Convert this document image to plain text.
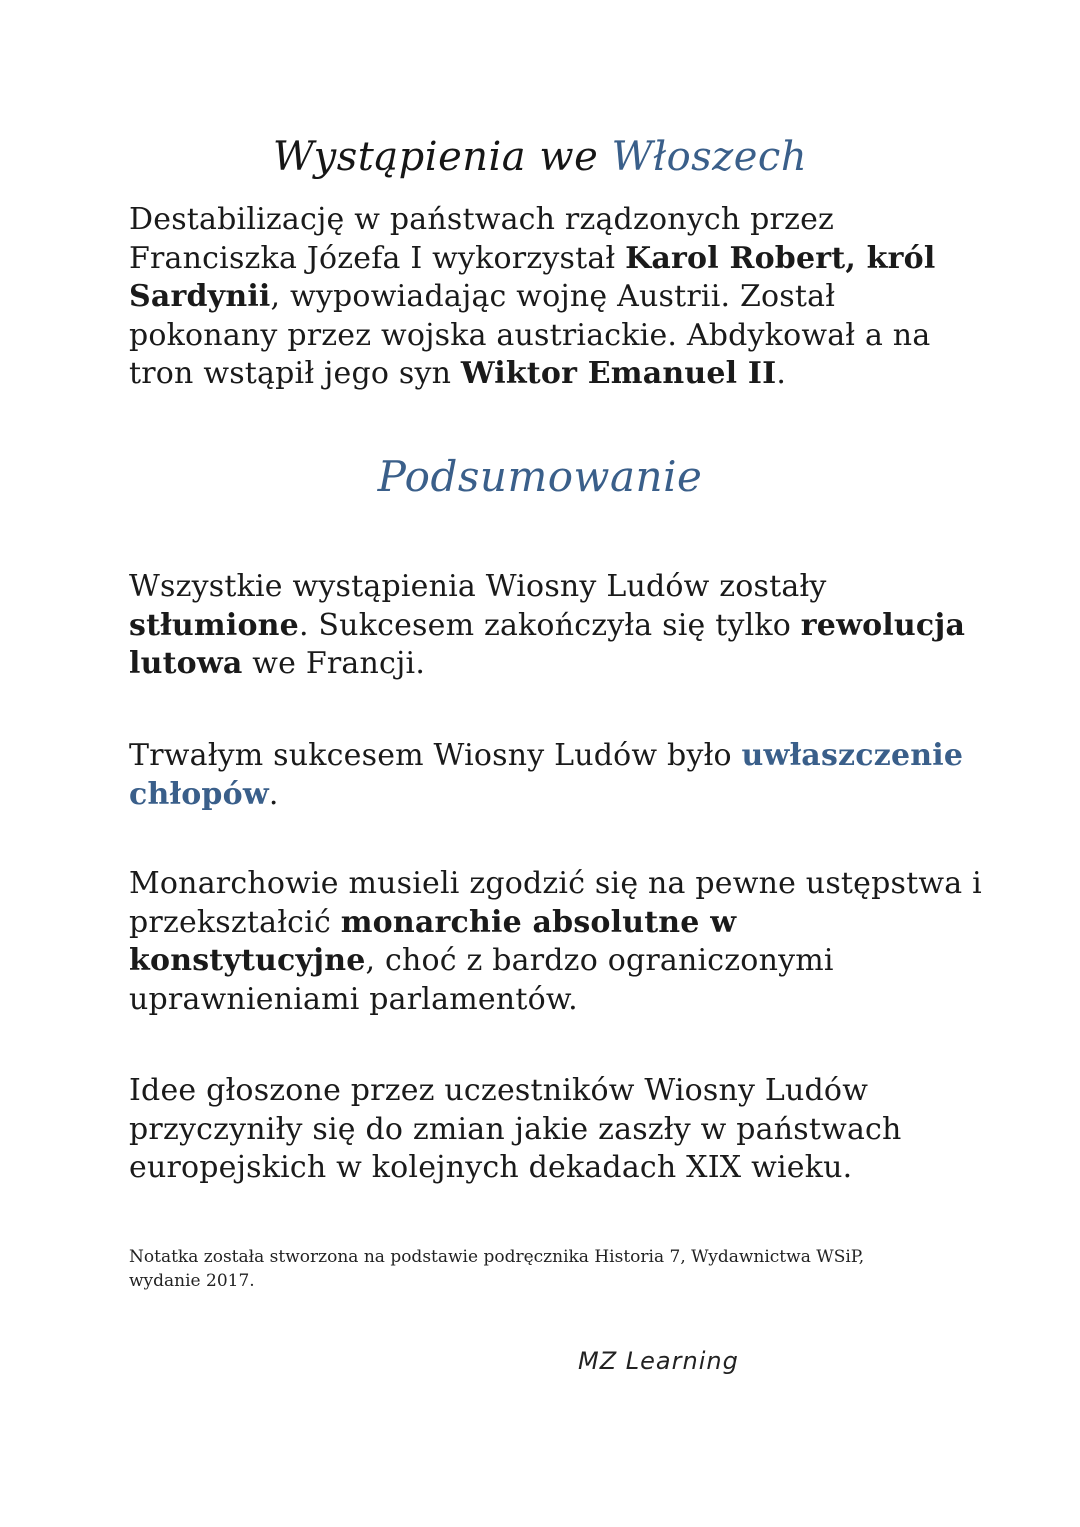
Wystąpienia we Włoszech

Destabilizację w państwach rządzonych przez Franciszka Józefa I wykorzystał Karol Robert, król Sardynii, wypowiadając wojnę Austrii. Został pokonany przez wojska austriackie. Abdykował a na tron wstąpił jego syn Wiktor Emanuel II.

Podsumowanie

Wszystkie wystąpienia Wiosny Ludów zostały stłumione. Sukcesem zakończyła się tylko rewolucja lutowa we Francji.

Trwałym sukcesem Wiosny Ludów było uwłaszczenie chłopów.

Monarchowie musieli zgodzić się na pewne ustępstwa i przekształcić monarchie absolutne w konstytucyjne, choć z bardzo ograniczonymi uprawnieniami parlamentów.

Idee głoszone przez uczestników Wiosny Ludów przyczyniły się do zmian jakie zaszły w państwach europejskich w kolejnych dekadach XIX wieku.

Notatka została stworzona na podstawie podręcznika Historia 7, Wydawnictwa WSiP, wydanie 2017.

MZ Learning
